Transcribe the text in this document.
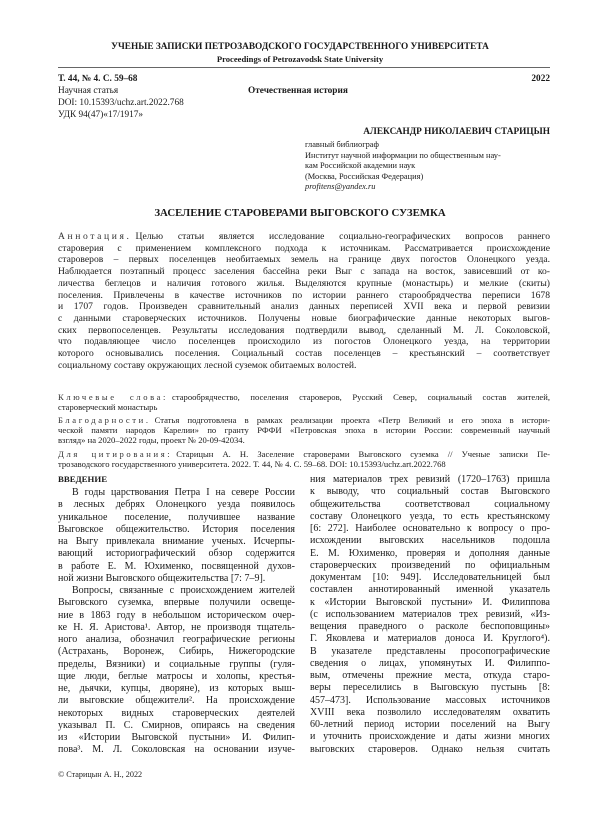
УЧЕНЫЕ ЗАПИСКИ ПЕТРОЗАВОДСКОГО ГОСУДАРСТВЕННОГО УНИВЕРСИТЕТА
Proceedings of Petrozavodsk State University
Т. 44, № 4. С. 59–68	2022
Научная статья	Отечественная история
DOI: 10.15393/uchz.art.2022.768
УДК 94(47)«17/1917»
АЛЕКСАНДР НИКОЛАЕВИЧ СТАРИЦЫН
главный библиограф
Институт научной информации по общественным нау-
кам Российской академии наук
(Москва, Российская Федерация)
profitens@yandex.ru
ЗАСЕЛЕНИЕ СТАРОВЕРАМИ ВЫГОВСКОГО СУЗЕМКА
Аннотация. Целью статьи является исследование социально-географических вопросов раннего
староверия с применением комплексного подхода к источникам. Рассматривается происхождение
староверов – первых поселенцев необитаемых земель на границе двух погостов Олонецкого уезда.
Наблюдается поэтапный процесс заселения бассейна реки Выг с запада на восток, зависевший от ко-
личества беглецов и наличия готового жилья. Выделяются крупные (монастырь) и мелкие (скиты)
поселения. Привлечены в качестве источников по истории раннего старообрядчества переписи 1678
и 1707 годов. Произведен сравнительный анализ данных переписей XVII века и первой ревизии
с данными староверческих источников. Получены новые биографические данные некоторых выгов-
ских первопоселенцев. Результаты исследования подтвердили вывод, сделанный М. Л. Соколовской,
что подавляющее число поселенцев происходило из погостов Олонецкого уезда, на территории
которого основывались поселения. Социальный состав поселенцев – крестьянский – соответствует
социальному составу окружающих лесной суземок обитаемых волостей.
Ключевые слова: старообрядчество, поселения староверов, Русский Север, социальный состав жителей,
староверческий монастырь
Благодарности. Статья подготовлена в рамках реализации проекта «Петр Великий и его эпоха в истори-
ческой памяти народов Карелии» по гранту РФФИ «Петровская эпоха в истории России: современный научный
взгляд» на 2020–2022 годы, проект № 20-09-42034.
Для цитирования: Старицын А. Н. Заселение староверами Выговского суземка // Ученые записки Пе-
трозаводского государственного университета. 2022. Т. 44, № 4. С. 59–68. DOI: 10.15393/uchz.art.2022.768
ВВЕДЕНИЕ
В годы царствования Петра I на севере России
в лесных дебрях Олонецкого уезда появилось
уникальное поселение, получившее название
Выговское общежительство. История поселения
на Выгу привлекала внимание ученых. Исчерпы-
вающий историографический обзор содержится
в работе Е. М. Юхименко, посвященной духов-
ной жизни Выговского общежительства [7: 7–9].
Вопросы, связанные с происхождением жителей
Выговского суземка, впервые получили освеще-
ние в 1863 году в небольшом историческом очер-
ке Н. Я. Аристова¹. Автор, не производя тщатель-
ного анализа, обозначил географические регионы
(Астрахань, Воронеж, Сибирь, Нижегородские
пределы, Вязники) и социальные группы (гуля-
щие люди, беглые матросы и холопы, крестья-
не, дьячки, купцы, дворяне), из которых выш-
ли выговские общежители². На происхождение
некоторых видных староверческих деятелей
указывал П. С. Смирнов, опираясь на сведения
из «Истории Выговской пустыни» И. Филип-
пова³. М. Л. Соколовская на основании изуче-
ния материалов трех ревизий (1720–1763) пришла
к выводу, что социальный состав Выговского
общежительства соответствовал социальному
составу Олонецкого уезда, то есть крестьянскому
[6: 272]. Наиболее основательно к вопросу о про-
исхождении выговских насельников подошла
Е. М. Юхименко, проверяя и дополняя данные
староверческих произведений по официальным
документам [10: 949]. Исследовательницей был
составлен аннотированный именной указатель
к «Истории Выговской пустыни» И. Филиппова
(с использованием материалов трех ревизий, «Из-
вещения праведного о расколе беспоповщины»
Г. Яковлева и материалов доноса И. Круглого⁴).
В указателе представлены просопографические
сведения о лицах, упомянутых И. Филиппо-
вым, отмечены прежние места, откуда старо-
веры переселились в Выговскую пустынь [8:
457–473]. Использование массовых источников
XVIII века позволило исследователям охватить
60-летний период истории поселений на Выгу
и уточнить происхождение и даты жизни многих
выговских староверов. Однако нельзя считать
© Старицын А. Н., 2022
